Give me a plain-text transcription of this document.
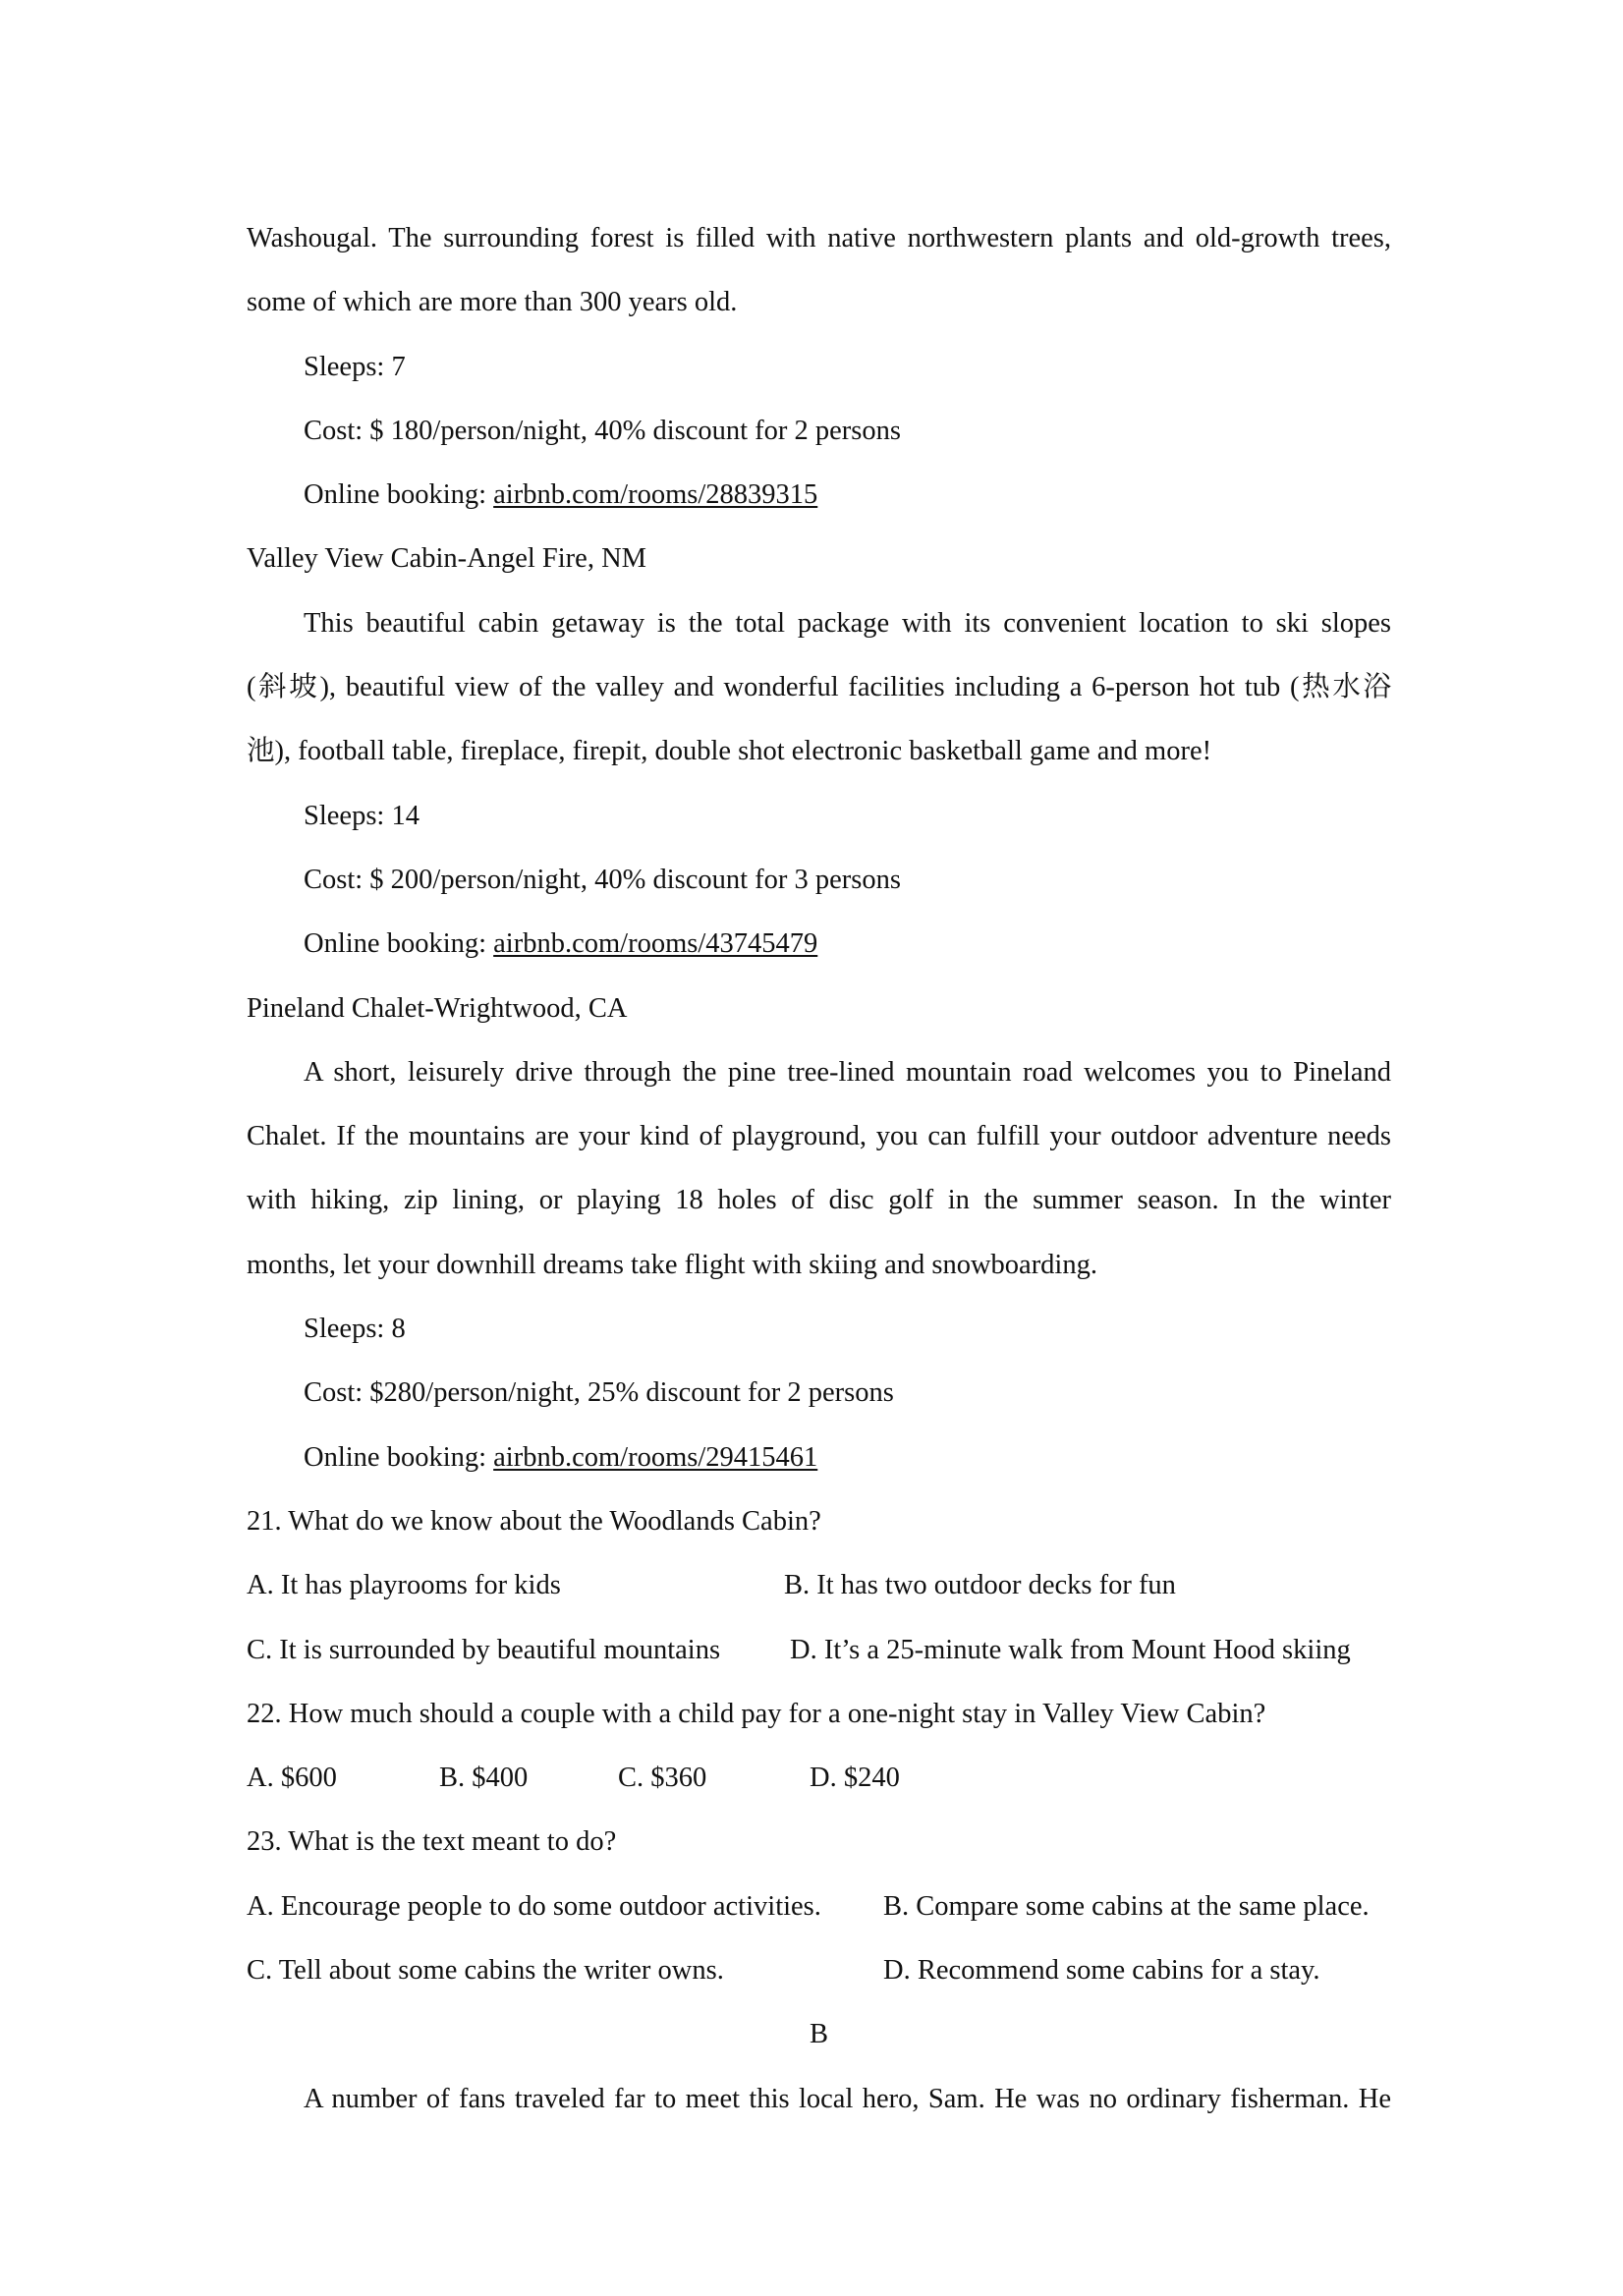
Washougal. The surrounding forest is filled with native northwestern plants and old-growth trees,
some of which are more than 300 years old.
Sleeps: 7
Cost: $ 180/person/night, 40% discount for 2 persons
Online booking: airbnb.com/rooms/28839315
Valley View Cabin-Angel Fire, NM
This beautiful cabin getaway is the total package with its convenient location to ski slopes
(斜坡), beautiful view of the valley and wonderful facilities including a 6-person hot tub (热水浴
池), football table, fireplace, firepit, double shot electronic basketball game and more!
Sleeps: 14
Cost: $ 200/person/night, 40% discount for 3 persons
Online booking: airbnb.com/rooms/43745479
Pineland Chalet-Wrightwood, CA
A short, leisurely drive through the pine tree-lined mountain road welcomes you to Pineland
Chalet. If the mountains are your kind of playground, you can fulfill your outdoor adventure needs
with hiking, zip lining, or playing 18 holes of disc golf in the summer season. In the winter
months, let your downhill dreams take flight with skiing and snowboarding.
Sleeps: 8
Cost: $280/person/night, 25% discount for 2 persons
Online booking: airbnb.com/rooms/29415461
21. What do we know about the Woodlands Cabin?
A. It has playrooms for kids	B. It has two outdoor decks for fun
C. It is surrounded by beautiful mountains	D. It’s a 25-minute walk from Mount Hood skiing
22. How much should a couple with a child pay for a one-night stay in Valley View Cabin?
A. $600	B. $400	C. $360	D. $240
23. What is the text meant to do?
A. Encourage people to do some outdoor activities.	B. Compare some cabins at the same place.
C. Tell about some cabins the writer owns.	D. Recommend some cabins for a stay.
B
A number of fans traveled far to meet this local hero, Sam. He was no ordinary fisherman. He
